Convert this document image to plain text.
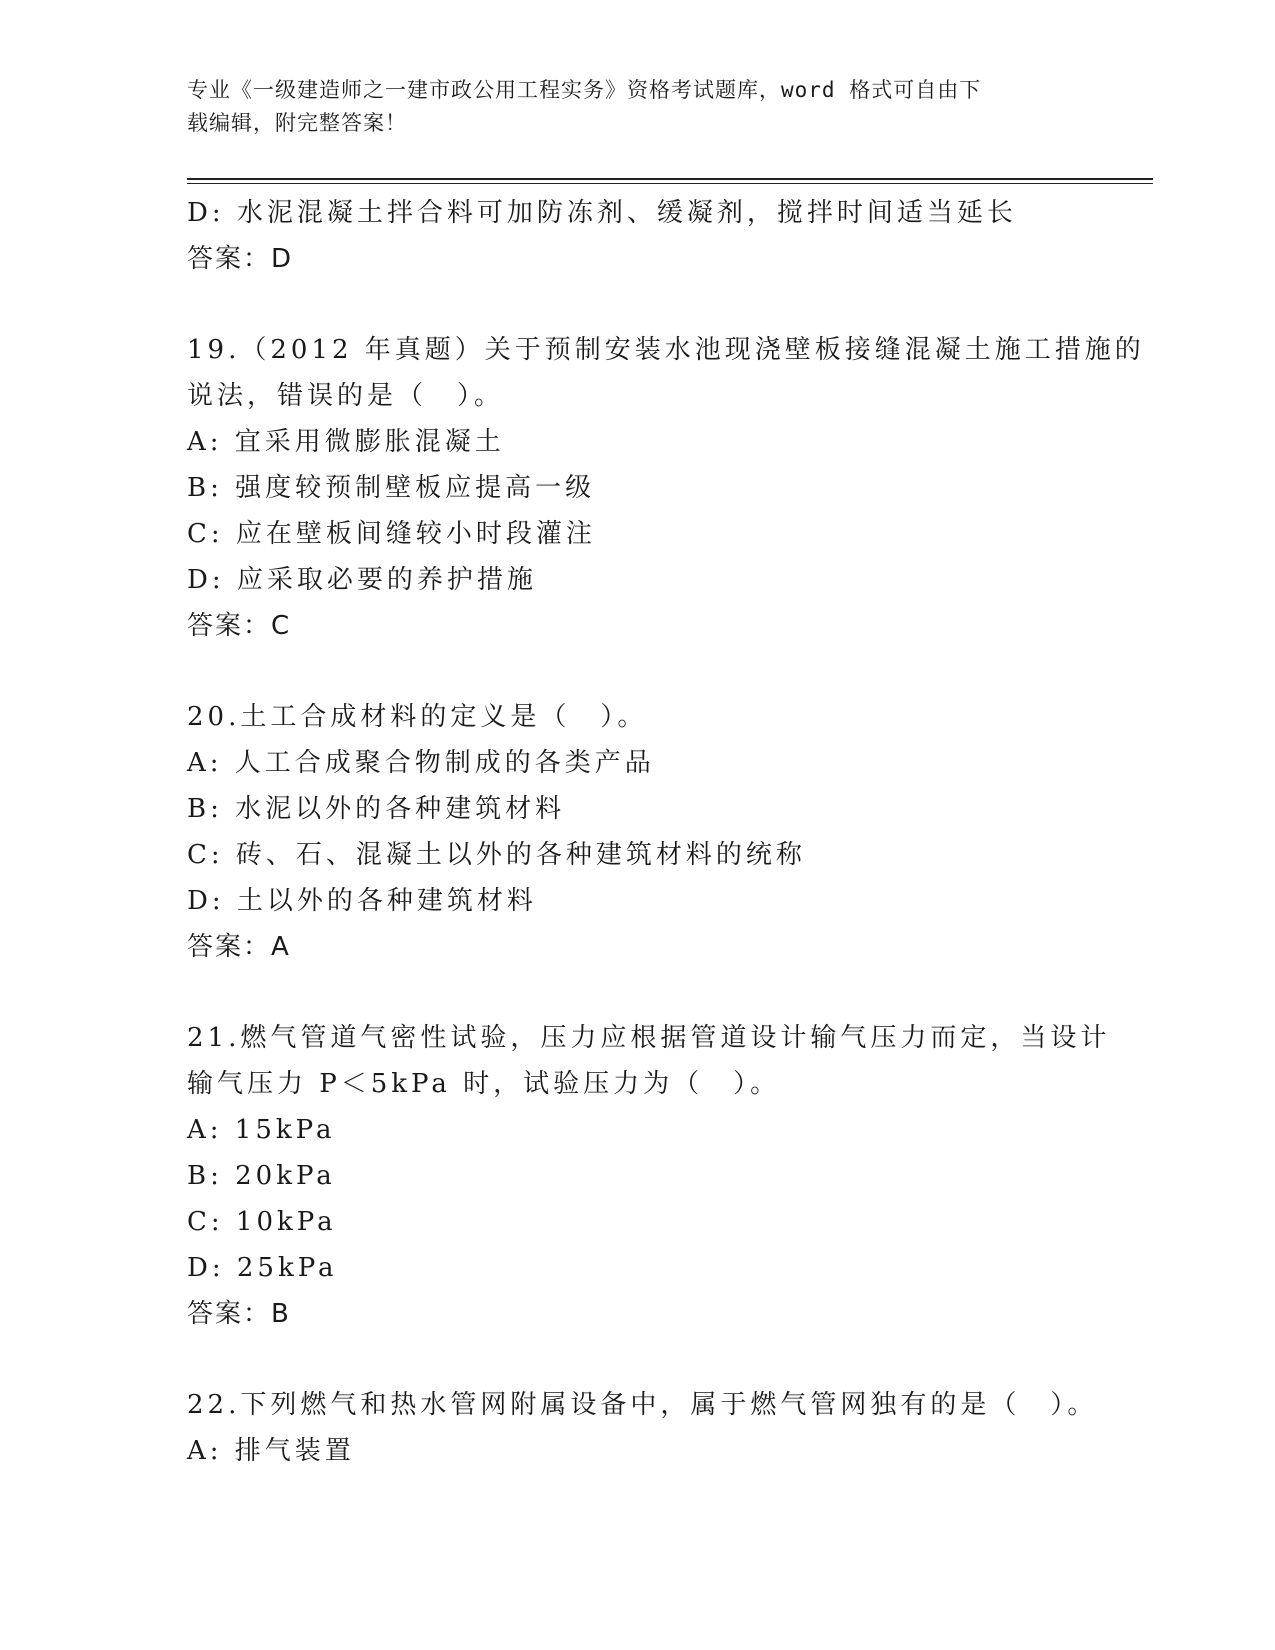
专业《一级建造师之一建市政公用工程实务》资格考试题库，word 格式可自由下
载编辑，附完整答案！
D: 水泥混凝土拌合料可加防冻剂、缓凝剂，搅拌时间适当延长
答案：D
19.（2012 年真题）关于预制安装水池现浇壁板接缝混凝土施工措施的
说法，错误的是（　）。
A: 宜采用微膨胀混凝土
B: 强度较预制壁板应提高一级
C: 应在壁板间缝较小时段灌注
D: 应采取必要的养护措施
答案：C
20.土工合成材料的定义是（　）。
A: 人工合成聚合物制成的各类产品
B: 水泥以外的各种建筑材料
C: 砖、石、混凝土以外的各种建筑材料的统称
D: 土以外的各种建筑材料
答案：A
21.燃气管道气密性试验，压力应根据管道设计输气压力而定，当设计
输气压力 P＜5kPa 时，试验压力为（　）。
A: 15kPa
B: 20kPa
C: 10kPa
D: 25kPa
答案：B
22.下列燃气和热水管网附属设备中，属于燃气管网独有的是（　）。
A: 排气装置
